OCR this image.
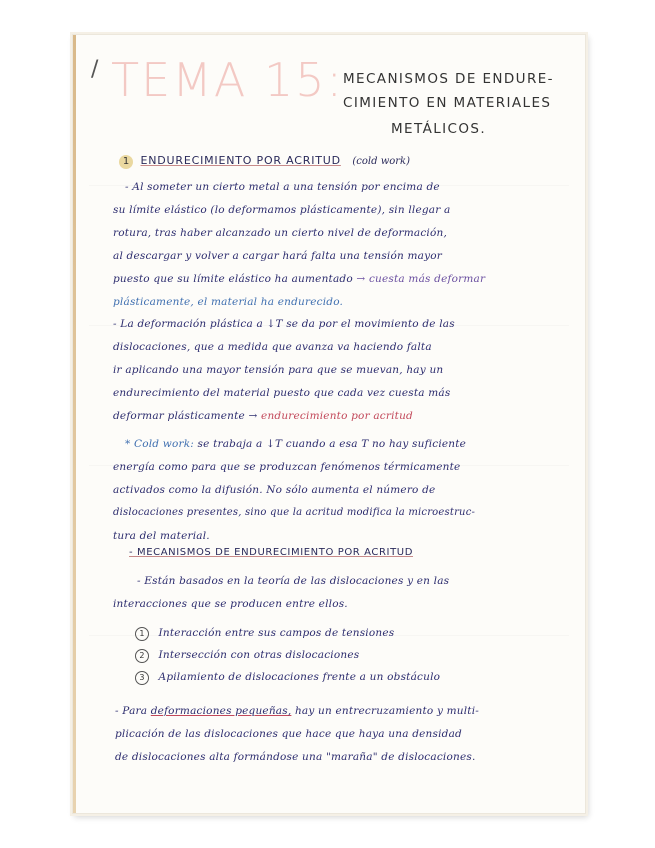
/ TEMA 15: MECANISMOS DE ENDURE-
CIMIENTO EN MATERIALES
METÁLICOS.
1 ENDURECIMIENTO POR ACRITUD (cold work)
- Al someter un cierto metal a una tensión por encima de
su límite elástico (lo deformamos plásticamente), sin llegar a
rotura, tras haber alcanzado un cierto nivel de deformación,
al descargar y volver a cargar hará falta una tensión mayor
puesto que su límite elástico ha aumentado → cuesta más deformar
plásticamente, el material ha endurecido.
- La deformación plástica a ↓T se da por el movimiento de las
dislocaciones, que a medida que avanza va haciendo falta
ir aplicando una mayor tensión para que se muevan, hay un
endurecimiento del material puesto que cada vez cuesta más
deformar plásticamente → endurecimiento por acritud
* Cold work: se trabaja a ↓T cuando a esa T no hay suficiente
energía como para que se produzcan fenómenos térmicamente
activados como la difusión. No sólo aumenta el número de
dislocaciones presentes, sino que la acritud modifica la microestruc-
tura del material.
- MECANISMOS DE ENDURECIMIENTO POR ACRITUD
- Están basados en la teoría de las dislocaciones y en las
interacciones que se producen entre ellos.
1 Interacción entre sus campos de tensiones
2 Intersección con otras dislocaciones
3 Apilamiento de dislocaciones frente a un obstáculo
- Para deformaciones pequeñas, hay un entrecruzamiento y multi-
plicación de las dislocaciones que hace que haya una densidad
de dislocaciones alta formándose una "maraña" de dislocaciones.
